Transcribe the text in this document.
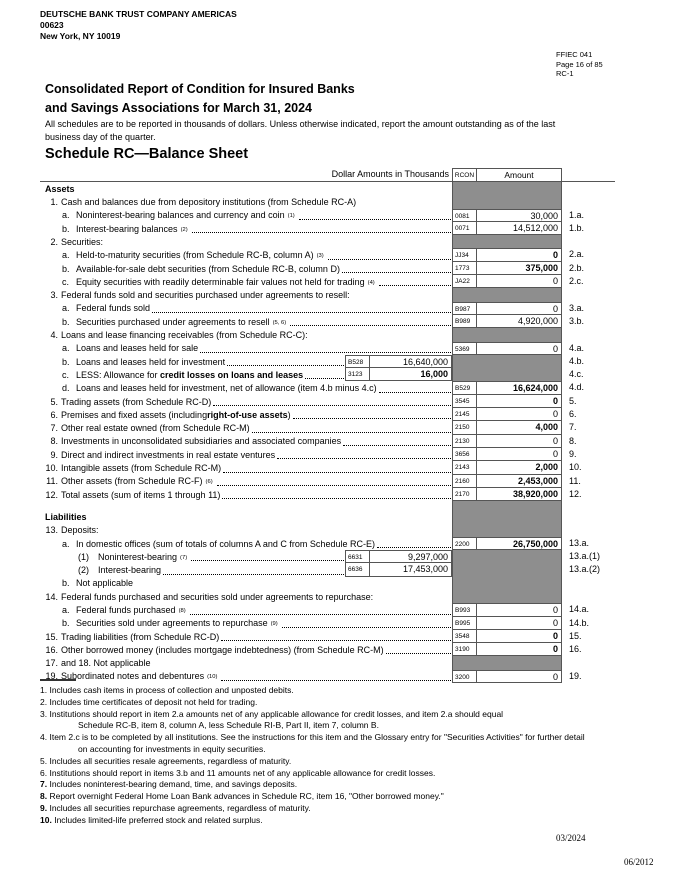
DEUTSCHE BANK TRUST COMPANY AMERICAS
00623
New York, NY 10019
FFIEC 041
Page 16 of 85
RC-1
Consolidated Report of Condition for Insured Banks
and Savings Associations for March 31, 2024
All schedules are to be reported in thousands of dollars. Unless otherwise indicated, report the amount outstanding as of the last business day of the quarter.
Schedule RC—Balance Sheet
Dollar Amounts in Thousands RCON	Amount
Assets
1. Cash and balances due from depository institutions (from Schedule RC-A)
a. Noninterest-bearing balances and currency and coin (1)	0081	30,000	1.a.
b. Interest-bearing balances (2)	0071	14,512,000	1.b.
2. Securities:
a. Held-to-maturity securities (from Schedule RC-B, column A) (3)	JJ34	0	2.a.
b. Available-for-sale debt securities (from Schedule RC-B, column D)	1773	375,000	2.b.
c. Equity securities with readily determinable fair values not held for trading (4)	JA22	0	2.c.
3. Federal funds sold and securities purchased under agreements to resell:
a. Federal funds sold	B987	0	3.a.
b. Securities purchased under agreements to resell (5, 6)	B989	4,920,000	3.b.
4. Loans and lease financing receivables (from Schedule RC-C):
a. Loans and leases held for sale	5369	0	4.a.
b. Loans and leases held for investment	B528	16,640,000	4.b.
c. LESS: Allowance for credit losses on loans and leases	3123	16,000	4.c.
d. Loans and leases held for investment, net of allowance (item 4.b minus 4.c)	B529	16,624,000	4.d.
5. Trading assets (from Schedule RC-D)	3545	0	5.
6. Premises and fixed assets (includingright-of-use assets)	2145	0	6.
7. Other real estate owned (from Schedule RC-M)	2150	4,000	7.
8. Investments in unconsolidated subsidiaries and associated companies	2130	0	8.
9. Direct and indirect investments in real estate ventures	3656	0	9.
10. Intangible assets (from Schedule RC-M)	2143	2,000	10.
11. Other assets (from Schedule RC-F) (6)	2160	2,453,000	11.
12. Total assets (sum of items 1 through 11)	2170	38,920,000	12.
Liabilities
13. Deposits:
a. In domestic offices (sum of totals of columns A and C from Schedule RC-E)	2200	26,750,000	13.a.
(1)	Noninterest-bearing (7)	6631	9,297,000	13.a.(1)
(2)	Interest-bearing	6636	17,453,000	13.a.(2)
b. Not applicable
14. Federal funds purchased and securities sold under agreements to repurchase:
a. Federal funds purchased (8)	B993	0	14.a.
b. Securities sold under agreements to repurchase (9)	B995	0	14.b.
15. Trading liabilities (from Schedule RC-D)	3548	0	15.
16. Other borrowed money (includes mortgage indebtedness) (from Schedule RC-M)	3190	0	16.
17. and 18. Not applicable
19. Subordinated notes and debentures (10)	3200	0	19.
1. Includes cash items in process of collection and unposted debits.
2. Includes time certificates of deposit not held for trading.
3. Institutions should report in item 2.a amounts net of any applicable allowance for credit losses, and item 2.a should equal
Schedule RC-B, item 8, column A, less Schedule RI-B, Part II, item 7, column B.
4. Item 2.c is to be completed by all institutions. See the instructions for this item and the Glossary entry for "Securities Activities" for further detail
on accounting for investments in equity securities.
5. Includes all securities resale agreements, regardless of maturity.
6. Institutions should report in items 3.b and 11 amounts net of any applicable allowance for credit losses.
7. Includes noninterest-bearing demand, time, and savings deposits.
8. Report overnight Federal Home Loan Bank advances in Schedule RC, item 16, "Other borrowed money."
9. Includes all securities repurchase agreements, regardless of maturity.
10. Includes limited-life preferred stock and related surplus.
03/2024
06/2012
